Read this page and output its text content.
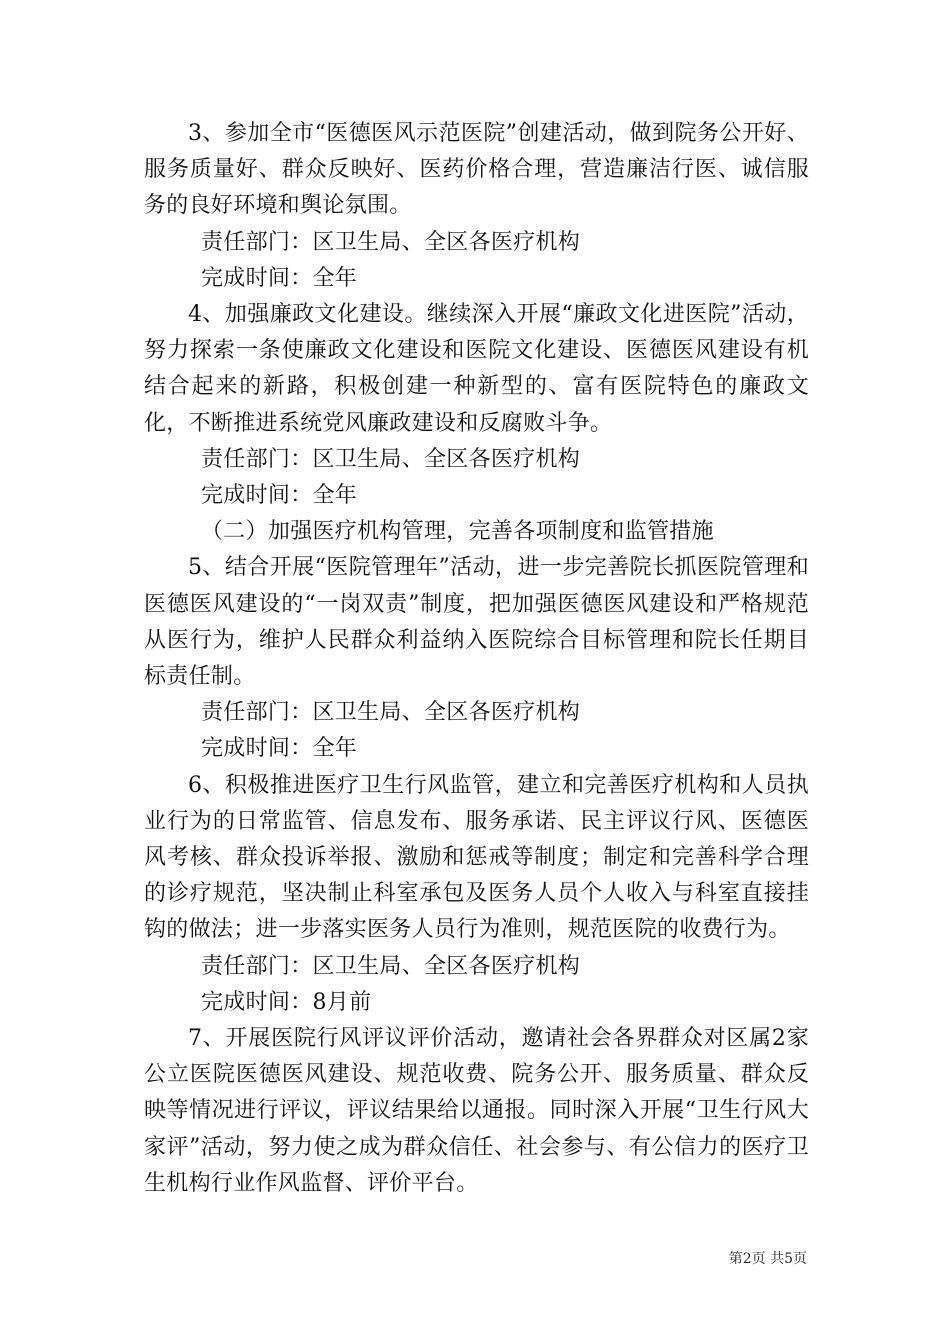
3、参加全市“医德医风示范医院”创建活动，做到院务公开好、服务质量好、群众反映好、医药价格合理，营造廉洁行医、诚信服务的良好环境和舆论氛围。

责任部门：区卫生局、全区各医疗机构

完成时间：全年

4、加强廉政文化建设。继续深入开展“廉政文化进医院”活动，努力探索一条使廉政文化建设和医院文化建设、医德医风建设有机结合起来的新路，积极创建一种新型的、富有医院特色的廉政文化，不断推进系统党风廉政建设和反腐败斗争。

责任部门：区卫生局、全区各医疗机构

完成时间：全年

（二）加强医疗机构管理，完善各项制度和监管措施

5、结合开展“医院管理年”活动，进一步完善院长抓医院管理和医德医风建设的“一岗双责”制度，把加强医德医风建设和严格规范从医行为，维护人民群众利益纳入医院综合目标管理和院长任期目标责任制。

责任部门：区卫生局、全区各医疗机构

完成时间：全年

6、积极推进医疗卫生行风监管，建立和完善医疗机构和人员执业行为的日常监管、信息发布、服务承诺、民主评议行风、医德医风考核、群众投诉举报、激励和惩戒等制度；制定和完善科学合理的诊疗规范，坚决制止科室承包及医务人员个人收入与科室直接挂钩的做法；进一步落实医务人员行为准则，规范医院的收费行为。

责任部门：区卫生局、全区各医疗机构

完成时间：8月前

7、开展医院行风评议评价活动，邀请社会各界群众对区属2家公立医院医德医风建设、规范收费、院务公开、服务质量、群众反映等情况进行评议，评议结果给以通报。同时深入开展“卫生行风大家评”活动，努力使之成为群众信任、社会参与、有公信力的医疗卫生机构行业作风监督、评价平台。

第2页 共5页
